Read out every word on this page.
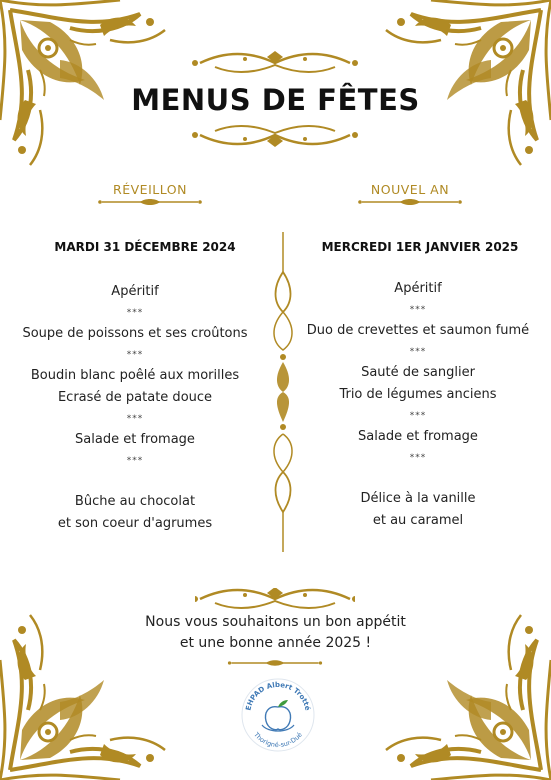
MENUS DE FÊTES
RÉVEILLON	NOUVEL AN
MARDI 31 DÉCEMBRE 2024	MERCREDI 1ER JANVIER 2025
Apéritif
***
Soupe de poissons et ses croûtons
***
Boudin blanc poêlé aux morilles
Ecrasé de patate douce
***
Salade et fromage
***
Bûche au chocolat
et son coeur d'agrumes
Apéritif
***
Duo de crevettes et saumon fumé
***
Sauté de sanglier
Trio de légumes anciens
***
Salade et fromage
***
Délice à la vanille
et au caramel
Nous vous souhaitons un bon appétit
et une bonne année 2025 !
EHPAD Albert Trotté
Thorigné-sur-Dué
